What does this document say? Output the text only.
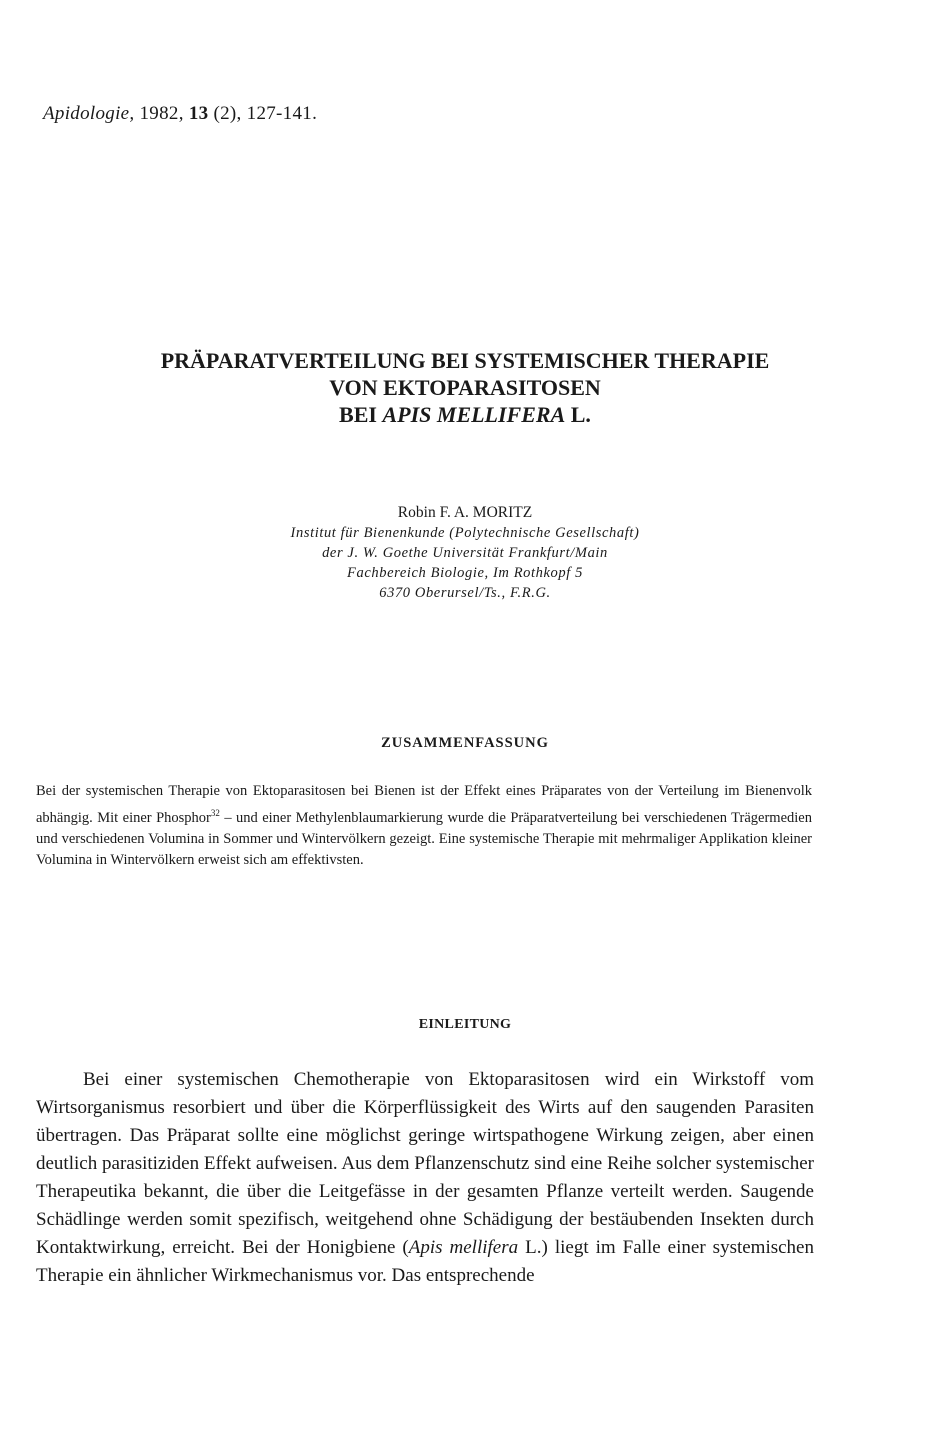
Apidologie, 1982, 13 (2), 127-141.
PRÄPARATVERTEILUNG BEI SYSTEMISCHER THERAPIE
VON EKTOPARASITOSEN
BEI APIS MELLIFERA L.
Robin F. A. MORITZ
Institut für Bienenkunde (Polytechnische Gesellschaft)
der J. W. Goethe Universität Frankfurt/Main
Fachbereich Biologie, Im Rothkopf 5
6370 Oberursel/Ts., F.R.G.
ZUSAMMENFASSUNG
Bei der systemischen Therapie von Ektoparasitosen bei Bienen ist der Effekt eines Präparates von der Verteilung im Bienenvolk abhängig. Mit einer Phosphor$^{32}$ – und einer Methylenblaumarkierung wurde die Präparatverteilung bei verschiedenen Trägermedien und verschiedenen Volumina in Sommer und Wintervölkern gezeigt. Eine systemische Therapie mit mehrmaliger Applikation kleiner Volumina in Wintervölkern erweist sich am effektivsten.
EINLEITUNG
Bei einer systemischen Chemotherapie von Ektoparasitosen wird ein Wirkstoff vom Wirtsorganismus resorbiert und über die Körperflüssigkeit des Wirts auf den saugenden Parasiten übertragen. Das Präparat sollte eine möglichst geringe wirtspathogene Wirkung zeigen, aber einen deutlich parasitiziden Effekt aufweisen. Aus dem Pflanzenschutz sind eine Reihe solcher systemischer Therapeutika bekannt, die über die Leitgefässe in der gesamten Pflanze verteilt werden. Saugende Schädlinge werden somit spezifisch, weitgehend ohne Schädigung der bestäubenden Insekten durch Kontaktwirkung, erreicht. Bei der Honigbiene (Apis mellifera L.) liegt im Falle einer systemischen Therapie ein ähnlicher Wirkmechanismus vor. Das entsprechende
